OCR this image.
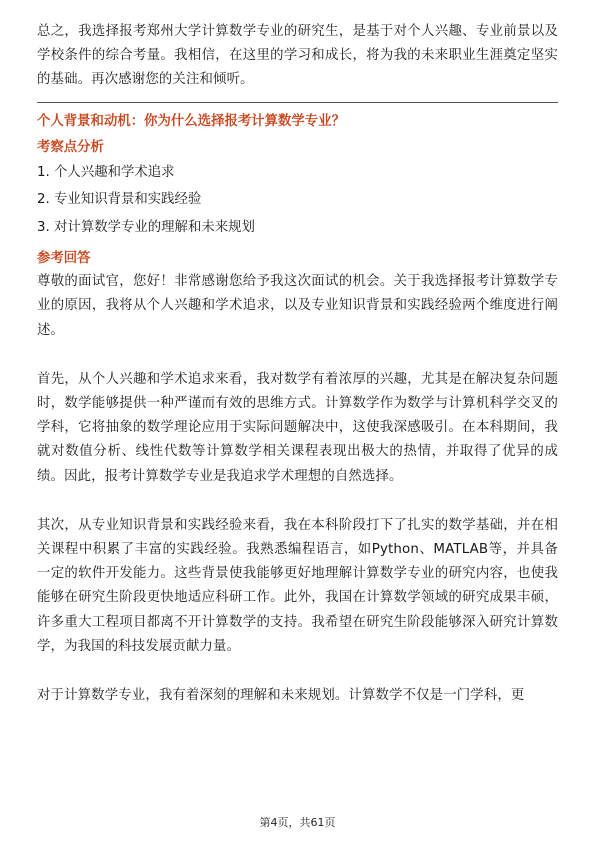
总之，我选择报考郑州大学计算数学专业的研究生，是基于对个人兴趣、专业前景以及学校条件的综合考量。我相信，在这里的学习和成长，将为我的未来职业生涯奠定坚实的基础。再次感谢您的关注和倾听。

个人背景和动机：你为什么选择报考计算数学专业？

考察点分析

1. 个人兴趣和学术追求
2. 专业知识背景和实践经验
3. 对计算数学专业的理解和未来规划

参考回答

尊敬的面试官，您好！非常感谢您给予我这次面试的机会。关于我选择报考计算数学专业的原因，我将从个人兴趣和学术追求，以及专业知识背景和实践经验两个维度进行阐述。

首先，从个人兴趣和学术追求来看，我对数学有着浓厚的兴趣，尤其是在解决复杂问题时，数学能够提供一种严谨而有效的思维方式。计算数学作为数学与计算机科学交叉的学科，它将抽象的数学理论应用于实际问题解决中，这使我深感吸引。在本科期间，我就对数值分析、线性代数等计算数学相关课程表现出极大的热情，并取得了优异的成绩。因此，报考计算数学专业是我追求学术理想的自然选择。

其次，从专业知识背景和实践经验来看，我在本科阶段打下了扎实的数学基础，并在相关课程中积累了丰富的实践经验。我熟悉编程语言，如Python、MATLAB等，并具备一定的软件开发能力。这些背景使我能够更好地理解计算数学专业的研究内容，也使我能够在研究生阶段更快地适应科研工作。此外，我国在计算数学领域的研究成果丰硕，许多重大工程项目都离不开计算数学的支持。我希望在研究生阶段能够深入研究计算数学，为我国的科技发展贡献力量。

对于计算数学专业，我有着深刻的理解和未来规划。计算数学不仅是一门学科，更

第4页，共61页
